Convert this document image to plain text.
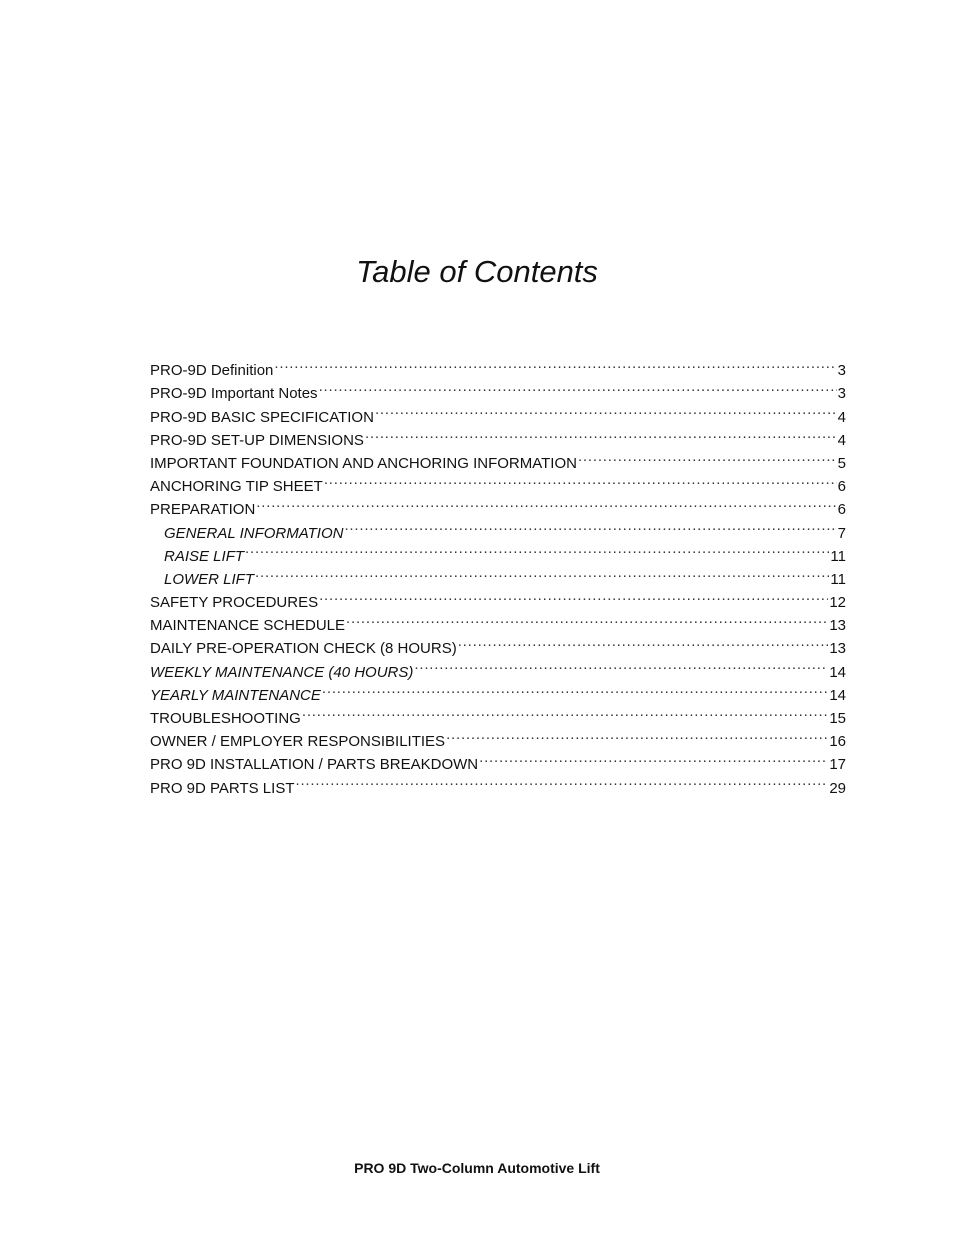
Table of Contents
PRO-9D Definition .....	3
PRO-9D Important Notes .....	3
PRO-9D BASIC SPECIFICATION .....	4
PRO-9D SET-UP DIMENSIONS .....	4
IMPORTANT FOUNDATION AND ANCHORING INFORMATION .....	5
ANCHORING TIP SHEET .....	6
PREPARATION .....	6
GENERAL INFORMATION .....	7
RAISE LIFT .....	11
LOWER LIFT .....	11
SAFETY PROCEDURES .....	12
MAINTENANCE SCHEDULE .....	13
DAILY PRE-OPERATION CHECK (8 HOURS) .....	13
WEEKLY MAINTENANCE (40 HOURS) .....	14
YEARLY MAINTENANCE .....	14
TROUBLESHOOTING .....	15
OWNER / EMPLOYER RESPONSIBILITIES .....	16
PRO 9D INSTALLATION / PARTS BREAKDOWN .....	17
PRO 9D PARTS LIST .....	29
PRO 9D Two-Column Automotive Lift
